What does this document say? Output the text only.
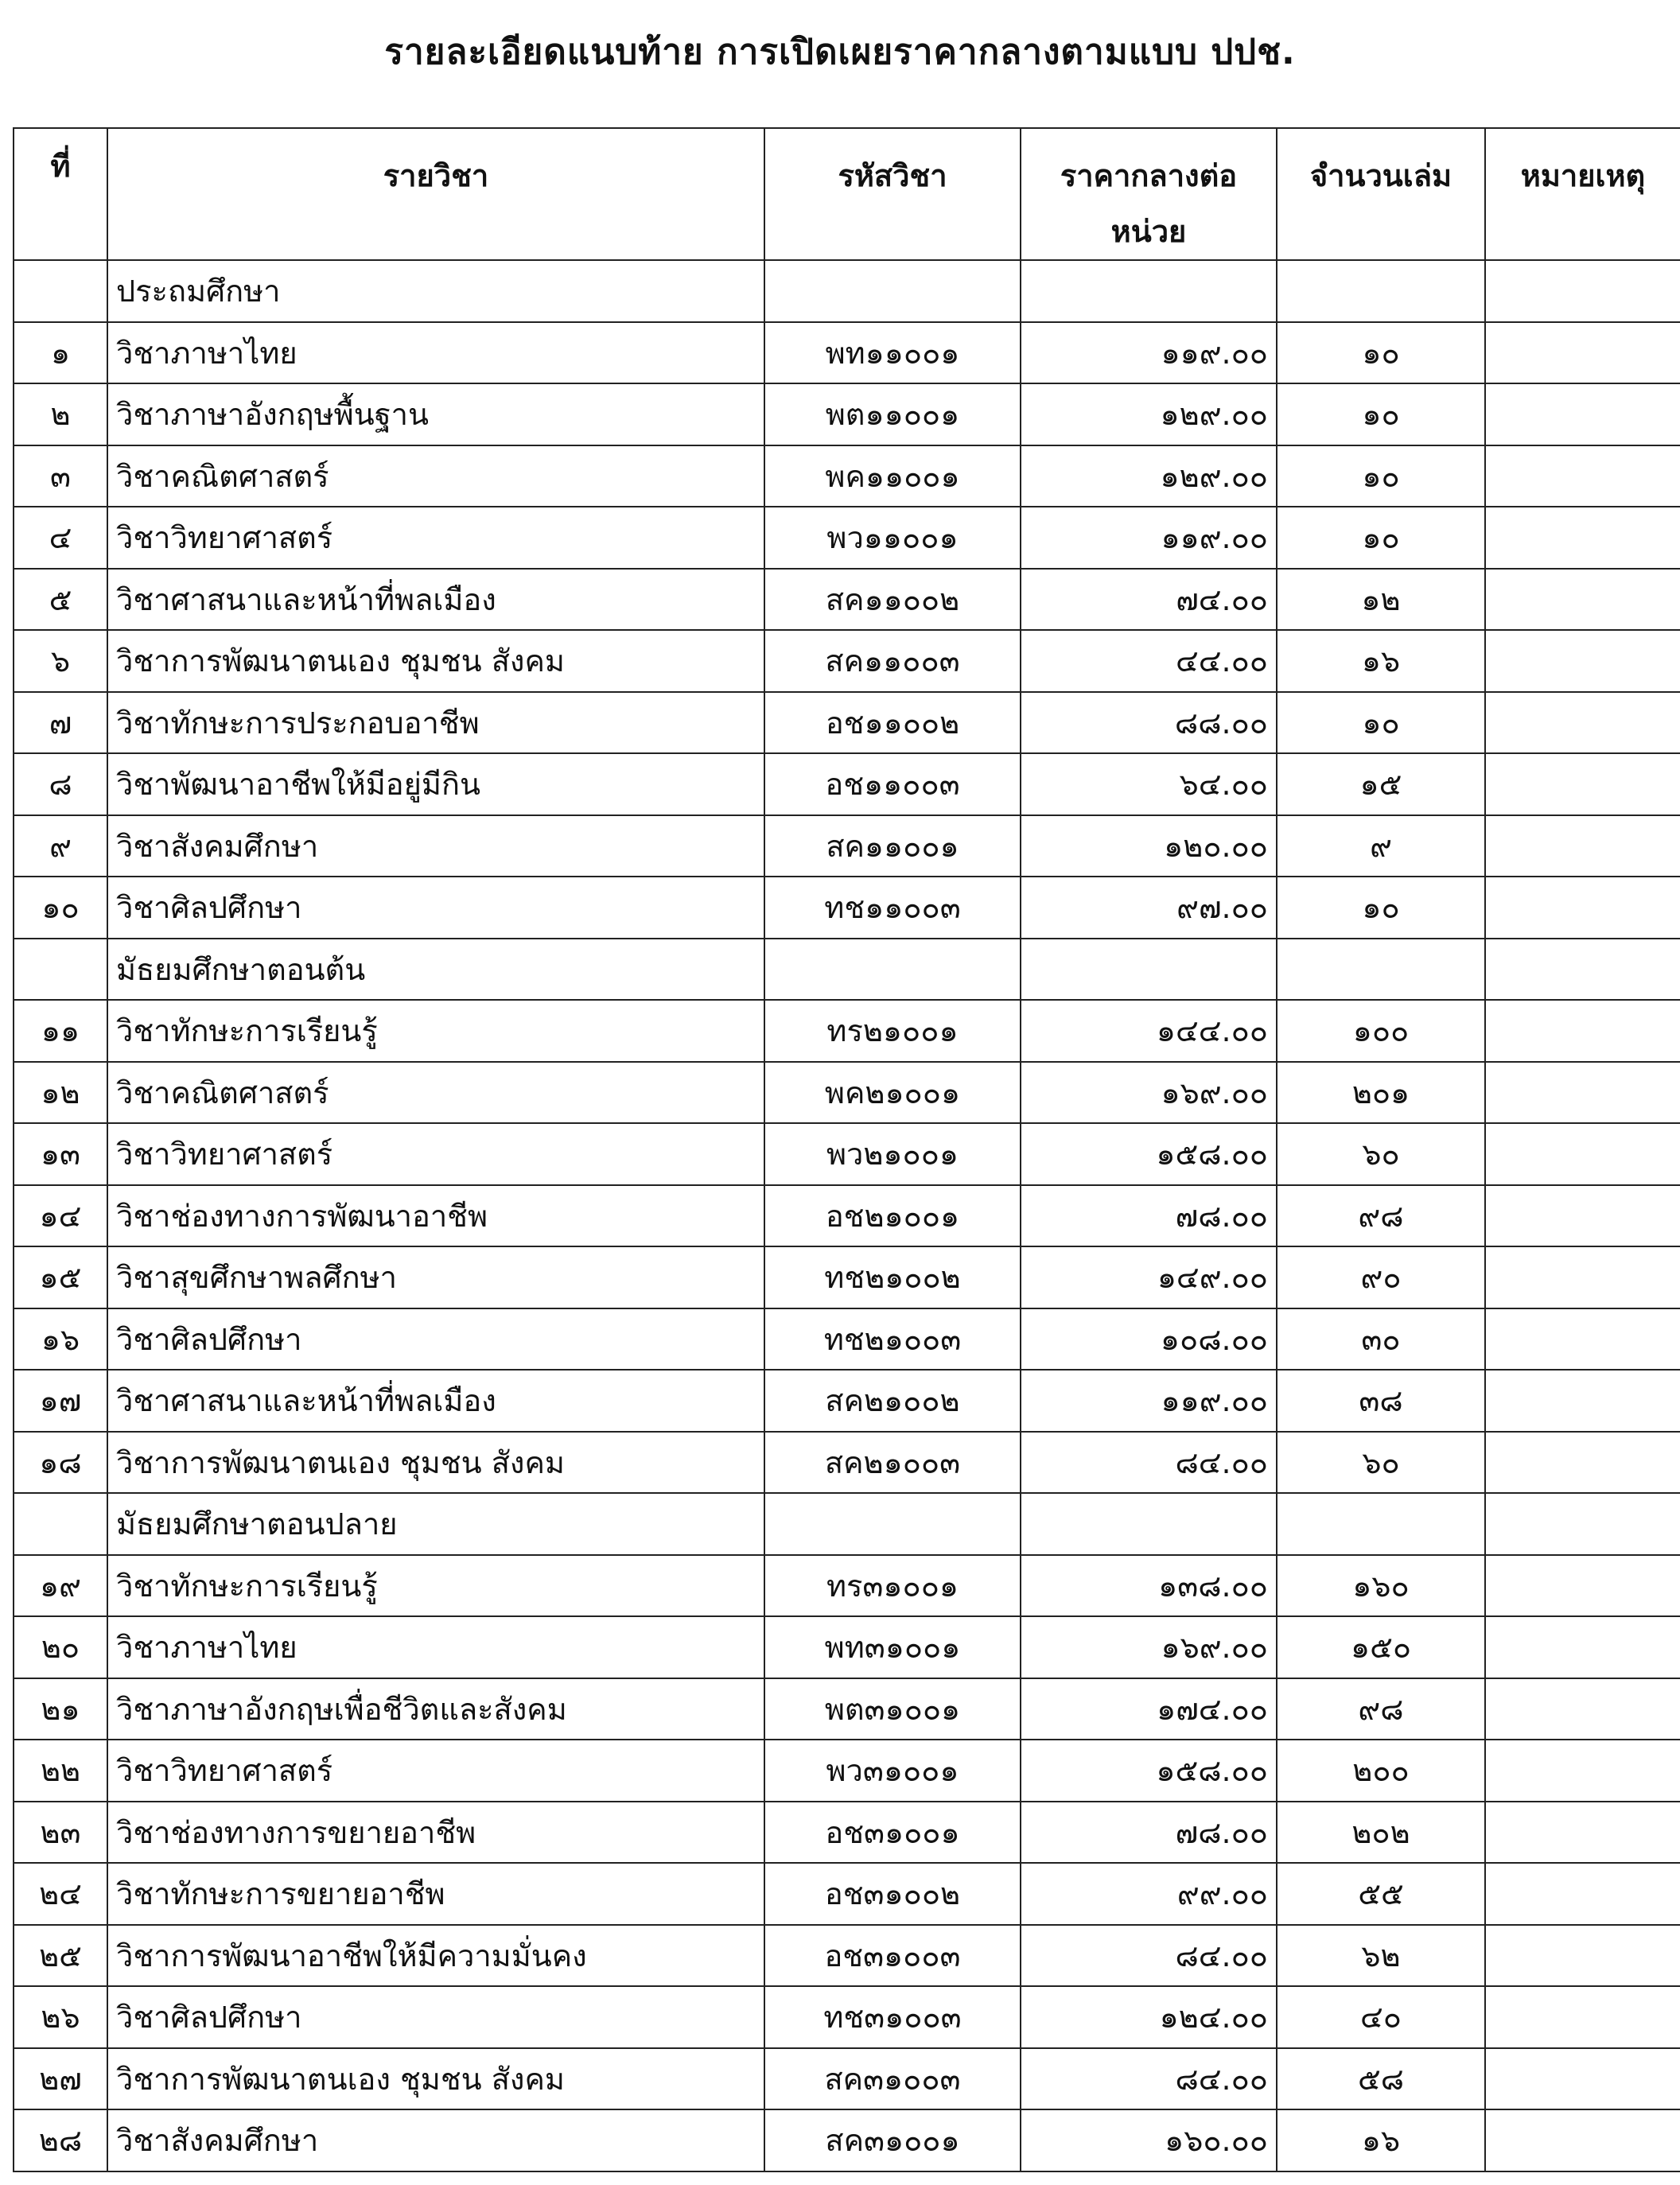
รายละเอียดแนบท้าย การเปิดเผยราคากลางตามแบบ ปปช.
ที่	รายวิชา	รหัสวิชา	ราคากลางต่อหน่วย	จำนวนเล่ม	หมายเหตุ
	ประถมศึกษา				
๑	วิชาภาษาไทย	พท๑๑๐๐๑	๑๑๙.๐๐	๑๐	
๒	วิชาภาษาอังกฤษพื้นฐาน	พต๑๑๐๐๑	๑๒๙.๐๐	๑๐	
๓	วิชาคณิตศาสตร์	พค๑๑๐๐๑	๑๒๙.๐๐	๑๐	
๔	วิชาวิทยาศาสตร์	พว๑๑๐๐๑	๑๑๙.๐๐	๑๐	
๕	วิชาศาสนาและหน้าที่พลเมือง	สค๑๑๐๐๒	๗๔.๐๐	๑๒	
๖	วิชาการพัฒนาตนเอง ชุมชน สังคม	สค๑๑๐๐๓	๔๔.๐๐	๑๖	
๗	วิชาทักษะการประกอบอาชีพ	อช๑๑๐๐๒	๘๘.๐๐	๑๐	
๘	วิชาพัฒนาอาชีพให้มีอยู่มีกิน	อช๑๑๐๐๓	๖๔.๐๐	๑๕	
๙	วิชาสังคมศึกษา	สค๑๑๐๐๑	๑๒๐.๐๐	๙	
๑๐	วิชาศิลปศึกษา	ทช๑๑๐๐๓	๙๗.๐๐	๑๐	
	มัธยมศึกษาตอนต้น				
๑๑	วิชาทักษะการเรียนรู้	ทร๒๑๐๐๑	๑๔๔.๐๐	๑๐๐	
๑๒	วิชาคณิตศาสตร์	พค๒๑๐๐๑	๑๖๙.๐๐	๒๐๑	
๑๓	วิชาวิทยาศาสตร์	พว๒๑๐๐๑	๑๕๘.๐๐	๖๐	
๑๔	วิชาช่องทางการพัฒนาอาชีพ	อช๒๑๐๐๑	๗๘.๐๐	๙๘	
๑๕	วิชาสุขศึกษาพลศึกษา	ทช๒๑๐๐๒	๑๔๙.๐๐	๙๐	
๑๖	วิชาศิลปศึกษา	ทช๒๑๐๐๓	๑๐๘.๐๐	๓๐	
๑๗	วิชาศาสนาและหน้าที่พลเมือง	สค๒๑๐๐๒	๑๑๙.๐๐	๓๘	
๑๘	วิชาการพัฒนาตนเอง ชุมชน สังคม	สค๒๑๐๐๓	๘๔.๐๐	๖๐	
	มัธยมศึกษาตอนปลาย				
๑๙	วิชาทักษะการเรียนรู้	ทร๓๑๐๐๑	๑๓๘.๐๐	๑๖๐	
๒๐	วิชาภาษาไทย	พท๓๑๐๐๑	๑๖๙.๐๐	๑๕๐	
๒๑	วิชาภาษาอังกฤษเพื่อชีวิตและสังคม	พต๓๑๐๐๑	๑๗๔.๐๐	๙๘	
๒๒	วิชาวิทยาศาสตร์	พว๓๑๐๐๑	๑๕๘.๐๐	๒๐๐	
๒๓	วิชาช่องทางการขยายอาชีพ	อช๓๑๐๐๑	๗๘.๐๐	๒๐๒	
๒๔	วิชาทักษะการขยายอาชีพ	อช๓๑๐๐๒	๙๙.๐๐	๕๕	
๒๕	วิชาการพัฒนาอาชีพให้มีความมั่นคง	อช๓๑๐๐๓	๘๔.๐๐	๖๒	
๒๖	วิชาศิลปศึกษา	ทช๓๑๐๐๓	๑๒๔.๐๐	๔๐	
๒๗	วิชาการพัฒนาตนเอง ชุมชน สังคม	สค๓๑๐๐๓	๘๔.๐๐	๕๘	
๒๘	วิชาสังคมศึกษา	สค๓๑๐๐๑	๑๖๐.๐๐	๑๖	
